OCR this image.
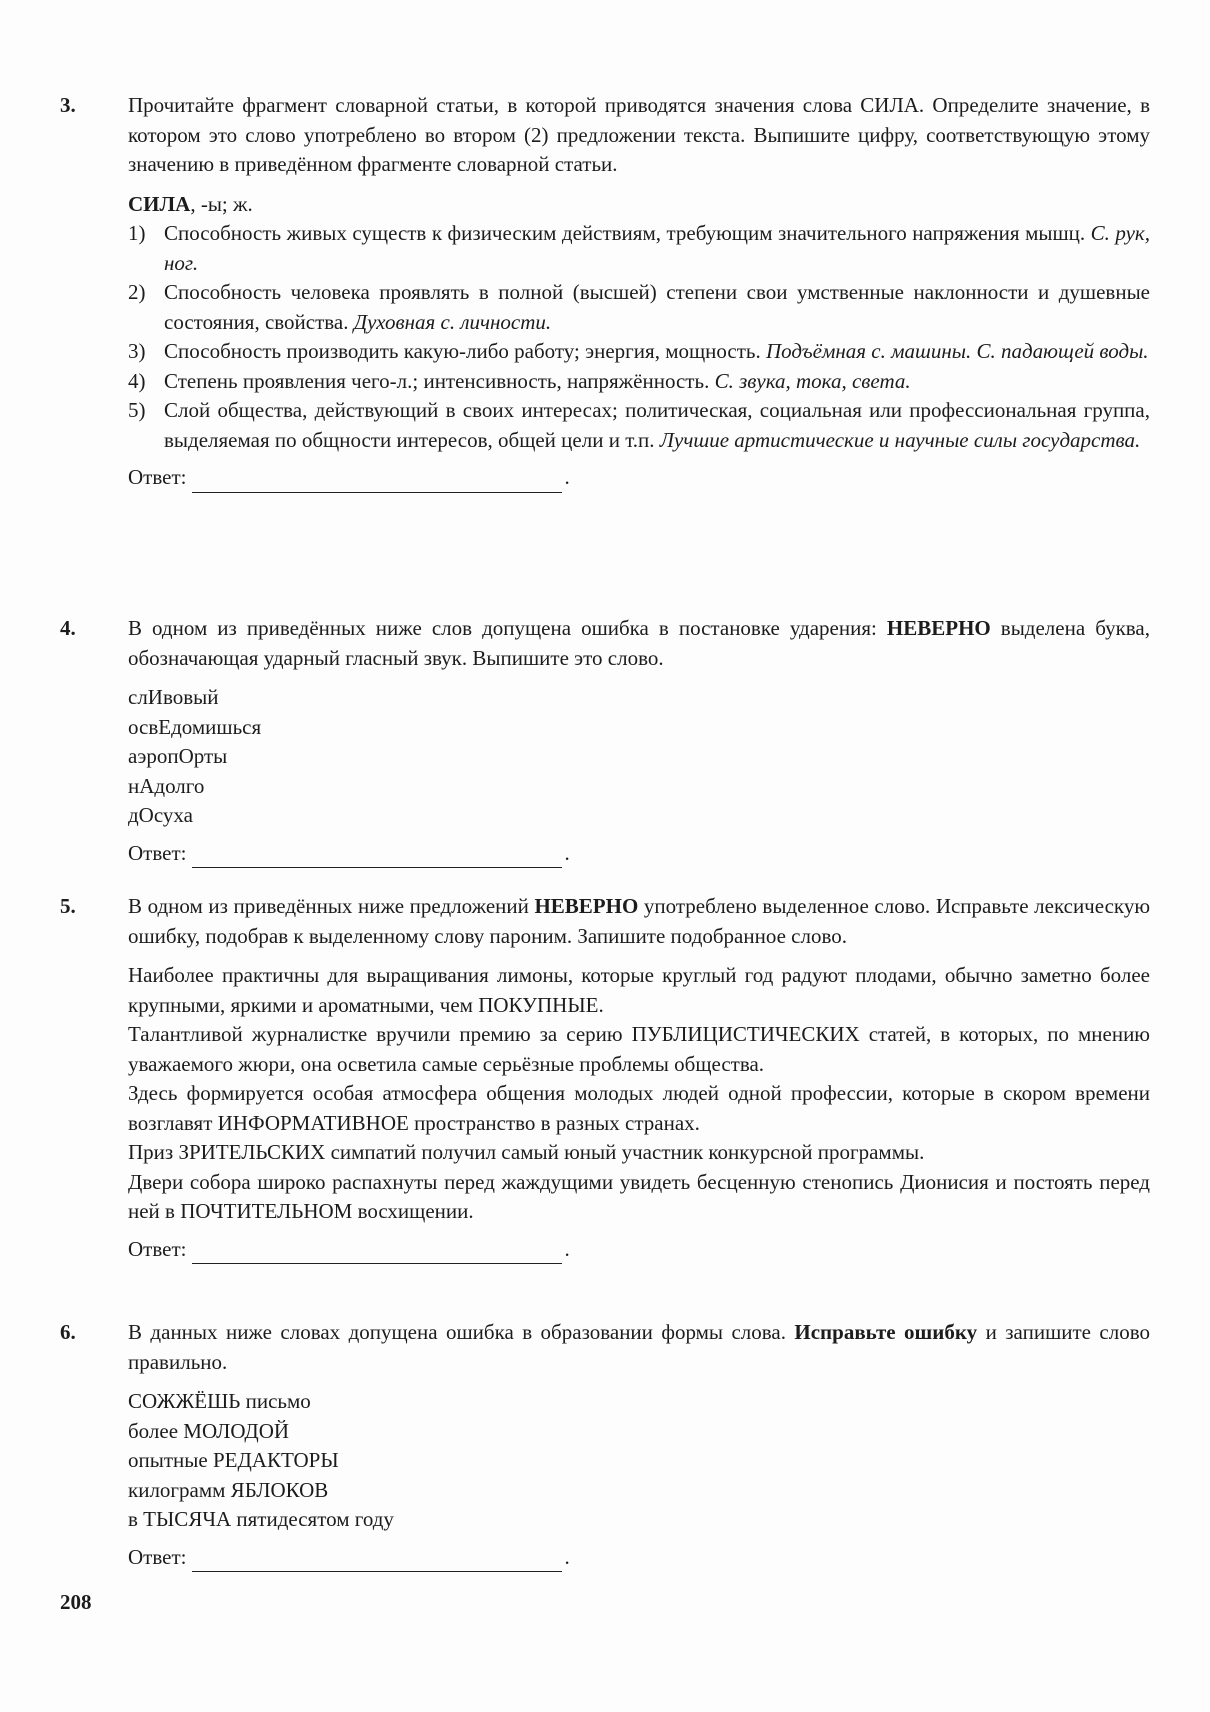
3. Прочитайте фрагмент словарной статьи, в которой приводятся значения слова СИЛА. Определите значение, в котором это слово употреблено во втором (2) предложении текста. Выпишите цифру, соответствующую этому значению в приведённом фрагменте словарной статьи.

СИЛА, -ы; ж.

1) Способность живых существ к физическим действиям, требующим значительного напряжения мышц. С. рук, ног.
2) Способность человека проявлять в полной (высшей) степени свои умственные наклонности и душевные состояния, свойства. Духовная с. личности.
3) Способность производить какую-либо работу; энергия, мощность. Подъёмная с. машины. С. падающей воды.
4) Степень проявления чего-л.; интенсивность, напряжённость. С. звука, тока, света.
5) Слой общества, действующий в своих интересах; политическая, социальная или профессиональная группа, выделяемая по общности интересов, общей цели и т.п. Лучшие артистические и научные силы государства.
Ответ:	.
4. В одном из приведённых ниже слов допущена ошибка в постановке ударения: НЕВЕРНО выделена буква, обозначающая ударный гласный звук. Выпишите это слово.

слИвовый

освЕдомишься

аэропОрты

нАдолго

дОсуха

Ответ:	.
5. В одном из приведённых ниже предложений НЕВЕРНО употреблено выделенное слово. Исправьте лексическую ошибку, подобрав к выделенному слову пароним. Запишите подобранное слово.

Наиболее практичны для выращивания лимоны, которые круглый год радуют плодами, обычно заметно более крупными, яркими и ароматными, чем ПОКУПНЫЕ.

Талантливой журналистке вручили премию за серию ПУБЛИЦИСТИЧЕСКИХ статей, в которых, по мнению уважаемого жюри, она осветила самые серьёзные проблемы общества.

Здесь формируется особая атмосфера общения молодых людей одной профессии, которые в скором времени возглавят ИНФОРМАТИВНОЕ пространство в разных странах.

Приз ЗРИТЕЛЬСКИХ симпатий получил самый юный участник конкурсной программы.

Двери собора широко распахнуты перед жаждущими увидеть бесценную стенопись Дионисия и постоять перед ней в ПОЧТИТЕЛЬНОМ восхищении.

Ответ:	.
6. В данных ниже словах допущена ошибка в образовании формы слова. Исправьте ошибку и запишите слово правильно.

СОЖЖЁШЬ письмо

более МОЛОДОЙ

опытные РЕДАКТОРЫ

килограмм ЯБЛОКОВ

в ТЫСЯЧА пятидесятом году

Ответ:	.
208
